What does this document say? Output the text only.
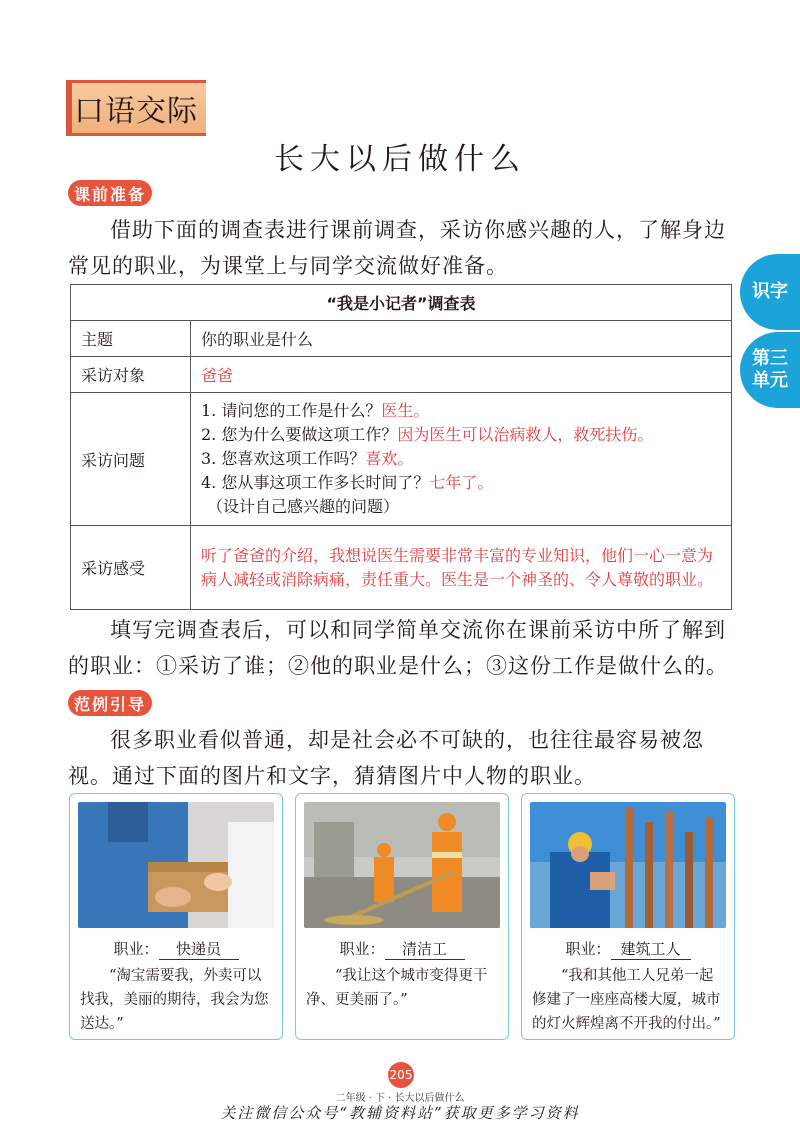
口语交际
长大以后做什么
识字
第三
单元
课前准备
借助下面的调查表进行课前调查，采访你感兴趣的人，了解身边常见的职业，为课堂上与同学交流做好准备。
“我是小记者”调查表	
主题	你的职业是什么
采访对象	爸爸
采访问题	1. 请问您的工作是什么？医生。
2. 您为什么要做这项工作？因为医生可以治病救人，救死扶伤。
3. 您喜欢这项工作吗？喜欢。
4. 您从事这项工作多长时间了？七年了。
（设计自己感兴趣的问题）

采访感受	听了爸爸的介绍，我想说医生需要非常丰富的专业知识，他们一心一意为病人减轻或消除病痛，责任重大。医生是一个神圣的、令人尊敬的职业。
填写完调查表后，可以和同学简单交流你在课前采访中所了解到的职业：①采访了谁；②他的职业是什么；③这份工作是做什么的。
范例引导
很多职业看似普通，却是社会必不可缺的，也往往最容易被忽视。通过下面的图片和文字，猜猜图片中人物的职业。
职业： 快递员
“淘宝需要我，外卖可以找我，美丽的期待，我会为您送达。”
职业： 清洁工
“我让这个城市变得更干净、更美丽了。”
职业： 建筑工人
“我和其他工人兄弟一起修建了一座座高楼大厦，城市的灯火辉煌离不开我的付出。”
205
二年级 · 下 · 长大以后做什么
关注微信公众号“教辅资料站”获取更多学习资料
